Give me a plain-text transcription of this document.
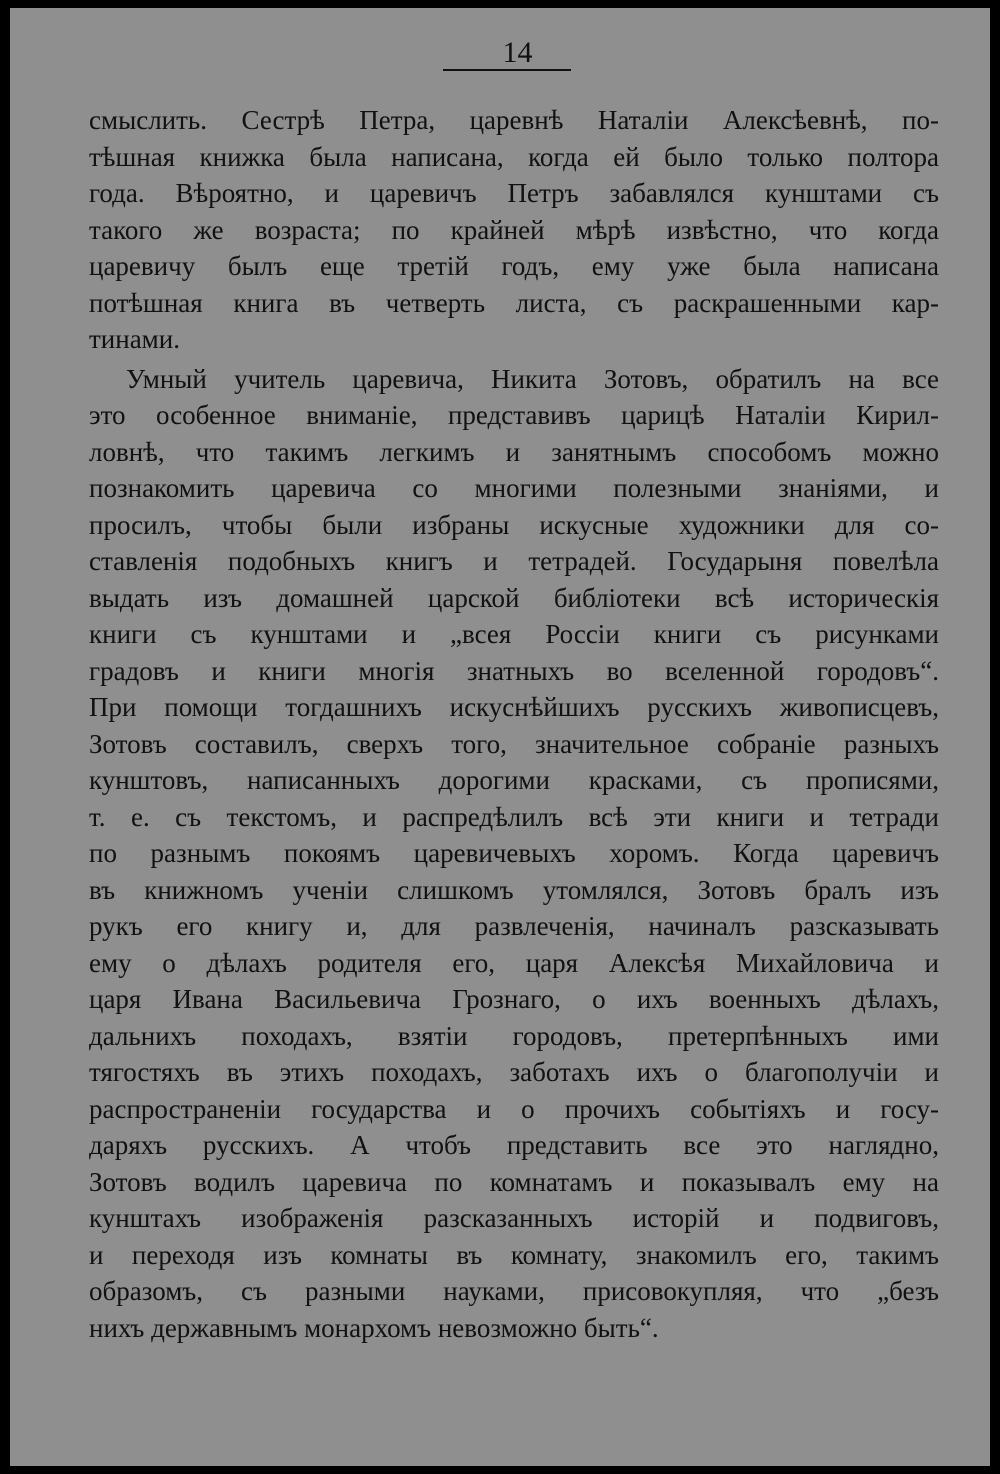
14

смыслить. Сестрѣ Петра, царевнѣ Наталіи Алексѣевнѣ, по-
тѣшная книжка была написана, когда ей было только полтора
года. Вѣроятно, и царевичъ Петръ забавлялся кунштами съ
такого же возраста; по крайней мѣрѣ извѣстно, что когда
царевичу былъ еще третій годъ, ему уже была написана
потѣшная книга въ четверть листа, съ раскрашенными кар-
тинами.

Умный учитель царевича, Никита Зотовъ, обратилъ на все
это особенное вниманіе, представивъ царицѣ Наталіи Кирил-
ловнѣ, что такимъ легкимъ и занятнымъ способомъ можно
познакомить царевича со многими полезными знаніями, и
просилъ, чтобы были избраны искусные художники для со-
ставленія подобныхъ книгъ и тетрадей. Государыня повелѣла
выдать изъ домашней царской библіотеки всѣ историческія
книги съ кунштами и „всея Россіи книги съ рисунками
градовъ и книги многія знатныхъ во вселенной городовъ“.
При помощи тогдашнихъ искуснѣйшихъ русскихъ живописцевъ,
Зотовъ составилъ, сверхъ того, значительное собраніе разныхъ
кунштовъ, написанныхъ дорогими красками, съ прописями,
т. е. съ текстомъ, и распредѣлилъ всѣ эти книги и тетради
по разнымъ покоямъ царевичевыхъ хоромъ. Когда царевичъ
въ книжномъ ученіи слишкомъ утомлялся, Зотовъ бралъ изъ
рукъ его книгу и, для развлеченія, начиналъ разсказывать
ему о дѣлахъ родителя его, царя Алексѣя Михайловича и
царя Ивана Васильевича Грознаго, о ихъ военныхъ дѣлахъ,
дальнихъ походахъ, взятіи городовъ, претерпѣнныхъ ими
тягостяхъ въ этихъ походахъ, заботахъ ихъ о благополучіи и
распространеніи государства и о прочихъ событіяхъ и госу-
даряхъ русскихъ. А чтобъ представить все это наглядно,
Зотовъ водилъ царевича по комнатамъ и показывалъ ему на
кунштахъ изображенія разсказанныхъ исторій и подвиговъ,
и переходя изъ комнаты въ комнату, знакомилъ его, такимъ
образомъ, съ разными науками, присовокупляя, что „безъ
нихъ державнымъ монархомъ невозможно быть“.
